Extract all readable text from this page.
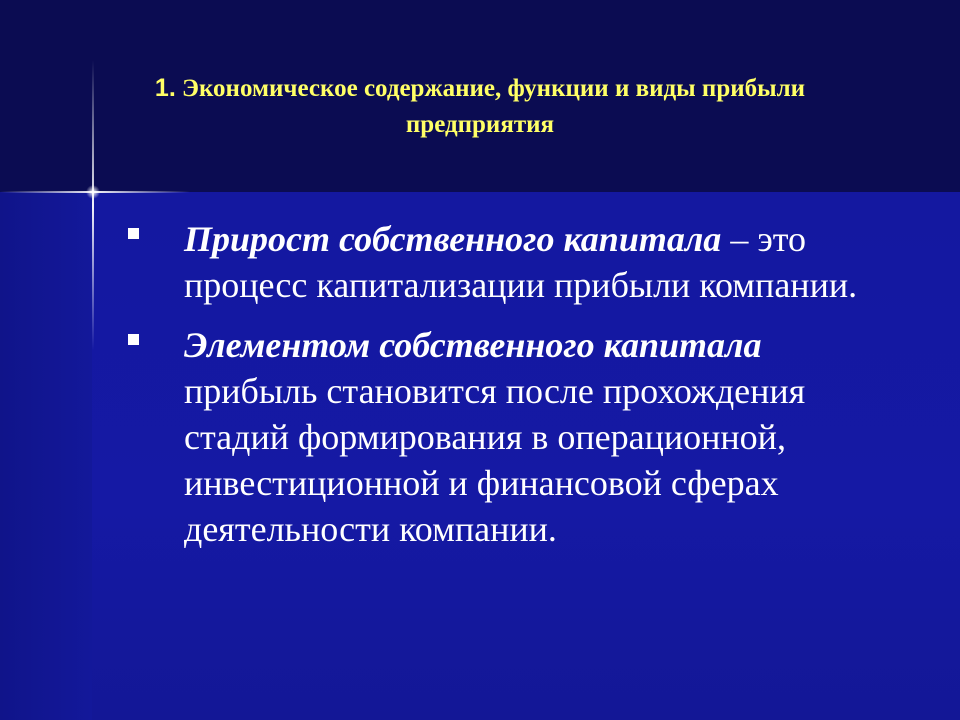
1. Экономическое содержание, функции и виды прибыли предприятия
Прирост собственного капитала – это процесс капитализации прибыли компании.
Элементом собственного капитала прибыль становится после прохождения стадий формирования в операционной, инвестиционной и финансовой сферах деятельности компании.
